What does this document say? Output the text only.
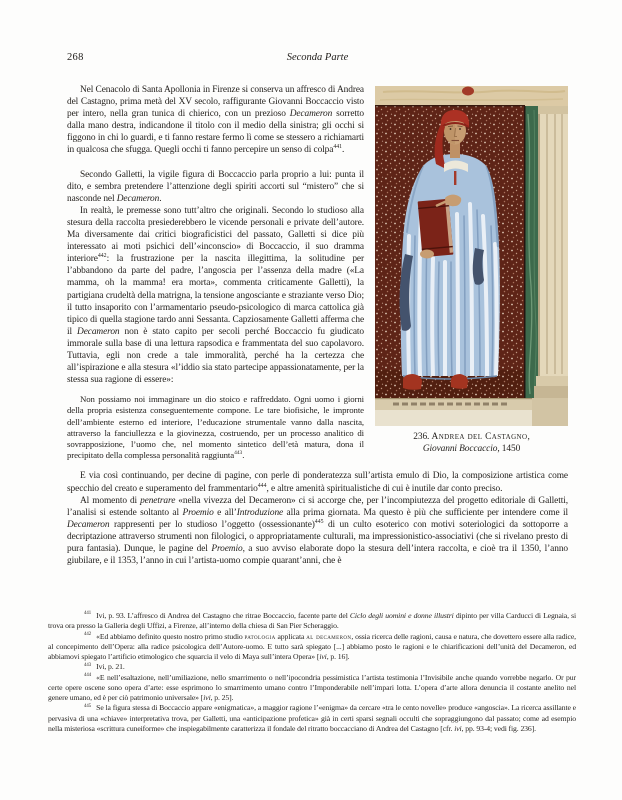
268	Seconda Parte
236. Andrea del Castagno,
Giovanni Boccaccio, 1450

Nel Cenacolo di Santa Apollonia in Firenze si conserva un affresco di Andrea del Castagno, prima metà del XV secolo, raffigurante Giovanni Boccaccio visto per intero, nella gran tunica di chierico, con un prezioso Decameron sorretto dalla mano destra, indicandone il titolo con il medio della sinistra; gli occhi si figgono in chi lo guardi, e ti fanno restare fermo lì come se stessero a richiamarti in qualcosa che sfugga. Quegli occhi ti fanno percepire un senso di colpa$^{441}$.

Secondo Galletti, la vigile figura di Boccaccio parla proprio a lui: punta il dito, e sembra pretendere l’attenzione degli spiriti accorti sul “mistero” che si nasconde nel Decameron.

In realtà, le premesse sono tutt’altro che originali. Secondo lo studioso alla stesura della raccolta presiederebbero le vicende personali e private dell’autore. Ma diversamente dai critici biograficistici del passato, Galletti si dice più interessato ai moti psichici dell’«inconscio» di Boccaccio, il suo dramma interiore$^{442}$: la frustrazione per la nascita illegittima, la solitudine per l’abbandono da parte del padre, l’angoscia per l’assenza della madre («La mamma, oh la mamma! era morta», commenta criticamente Galletti), la partigiana crudeltà della matrigna, la tensione angosciante e straziante verso Dio; il tutto insaporito con l’armamentario pseudo-psicologico di marca cattolica già tipico di quella stagione tardo anni Sessanta. Capziosamente Galletti afferma che il Decameron non è stato capito per secoli perché Boccaccio fu giudicato immorale sulla base di una lettura rapsodica e frammentata del suo capolavoro. Tuttavia, egli non crede a tale immoralità, perché ha la certezza che all’ispirazione e alla stesura «l’iddio sia stato partecipe appassionatamente, per la stessa sua ragione di essere»:

Non possiamo noi immaginare un dio stoico e raffreddato. Ogni uomo i giorni della propria esistenza conseguentemente compone. Le tare biofisiche, le impronte dell’ambiente esterno ed interiore, l’educazione strumentale vanno dalla nascita, attraverso la fanciullezza e la giovinezza, costruendo, per un processo analitico di sovrapposizione, l’uomo che, nel momento sintetico dell’età matura, dona il precipitato della complessa personalità raggiunta$^{443}$.

E via così continuando, per decine di pagine, con perle di ponderatezza sull’artista emulo di Dio, la composizione artistica come specchio del creato e superamento del frammentario$^{444}$, e altre amenità spiritualistiche di cui è inutile dar conto preciso.

Al momento di penetrare «nella vivezza del Decameron» ci si accorge che, per l’incompiutezza del progetto editoriale di Galletti, l’analisi si estende soltanto al Proemio e all’Introduzione alla prima giornata. Ma questo è più che sufficiente per intendere come il Decameron rappresenti per lo studioso l’oggetto (ossessionante)$^{445}$ di un culto esoterico con motivi soteriologici da sottoporre a decriptazione attraverso strumenti non filologici, o appropriatamente culturali, ma impressionistico-associativi (che si rivelano presto di pura fantasia). Dunque, le pagine del Proemio, a suo avviso elaborate dopo la stesura dell’intera raccolta, e cioè tra il 1350, l’anno giubilare, e il 1353, l’anno in cui l’artista-uomo compie quarant’anni, che è

$^{441}$ Ivi, p. 93. L’affresco di Andrea del Castagno che ritrae Boccaccio, facente parte del Ciclo degli uomini e donne illustri dipinto per villa Carducci di Legnaia, si trova ora presso la Galleria degli Uffizi, a Firenze, all’interno della chiesa di San Pier Scheraggio.

$^{442}$ «Ed abbiamo definito questo nostro primo studio patologia applicata al decameron, ossia ricerca delle ragioni, causa e natura, che dovettero essere alla radice, al concepimento dell’Opera: alla radice psicologica dell’Autore-uomo. E tutto sarà spiegato [...] abbiamo posto le ragioni e le chiarificazioni dell’unità del Decameron, ed abbiamovi spiegato l’artificio etimologico che squarcia il velo di Maya sull’intera Opera» [ivi, p. 16].

$^{443}$ Ivi, p. 21.

$^{444}$ «E nell’esaltazione, nell’umiliazione, nello smarrimento o nell’ipocondria pessimistica l’artista testimonia l’Invisibile anche quando vorrebbe negarlo. Or pur certe opere oscene sono opera d’arte: esse esprimono lo smarrimento umano contro l’Imponderabile nell’impari lotta. L’opera d’arte allora denuncia il costante anelito nel genere umano, ed è per ciò patrimonio universale» [ivi, p. 25].

$^{445}$ Se la figura stessa di Boccaccio appare «enigmatica», a maggior ragione l’«enigma» da cercare «tra le cento novelle» produce «angoscia». La ricerca assillante e pervasiva di una «chiave» interpretativa trova, per Galletti, una «anticipazione profetica» già in certi sparsi segnali occulti che sopraggiungono dal passato; come ad esempio nella misteriosa «scrittura cuneiforme» che inspiegabilmente caratterizza il fondale del ritratto boccacciano di Andrea del Castagno [cfr. ivi, pp. 93-4; vedi fig. 236].
